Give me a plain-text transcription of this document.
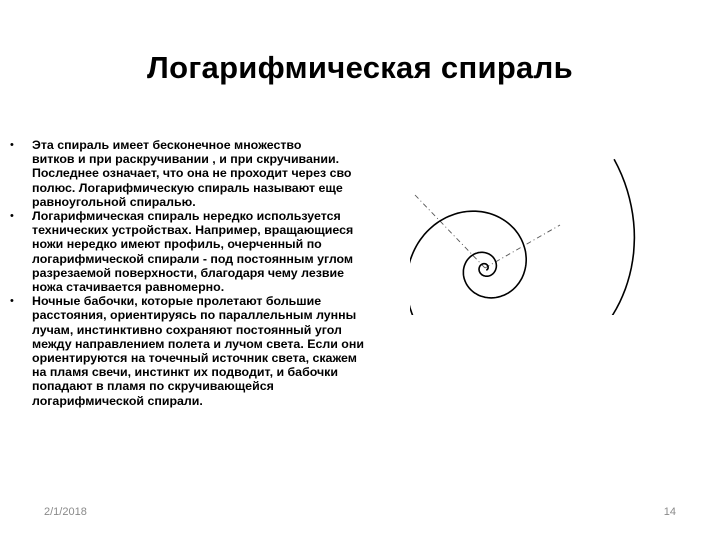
Логарифмическая спираль
• Эта спираль имеет бесконечное множество
витков и при раскручивании , и при скручивании.
Последнее означает, что она не проходит через сво
полюс. Логарифмическую спираль называют еще
равноугольной спиралью.
• Логарифмическая спираль нередко используется
технических устройствах. Например, вращающиеся
ножи нередко имеют профиль, очерченный по
логарифмической спирали - под постоянным углом
разрезаемой поверхности, благодаря чему лезвие
ножа стачивается равномерно.
• Ночные бабочки, которые пролетают большие
расстояния, ориентируясь по параллельным лунны
лучам, инстинктивно сохраняют постоянный угол
между направлением полета и лучом света. Если они
ориентируются на точечный источник света, скажем
на пламя свечи, инстинкт их подводит, и бабочки
попадают в пламя по скручивающейся
логарифмической спирали.
2/1/2018	14
